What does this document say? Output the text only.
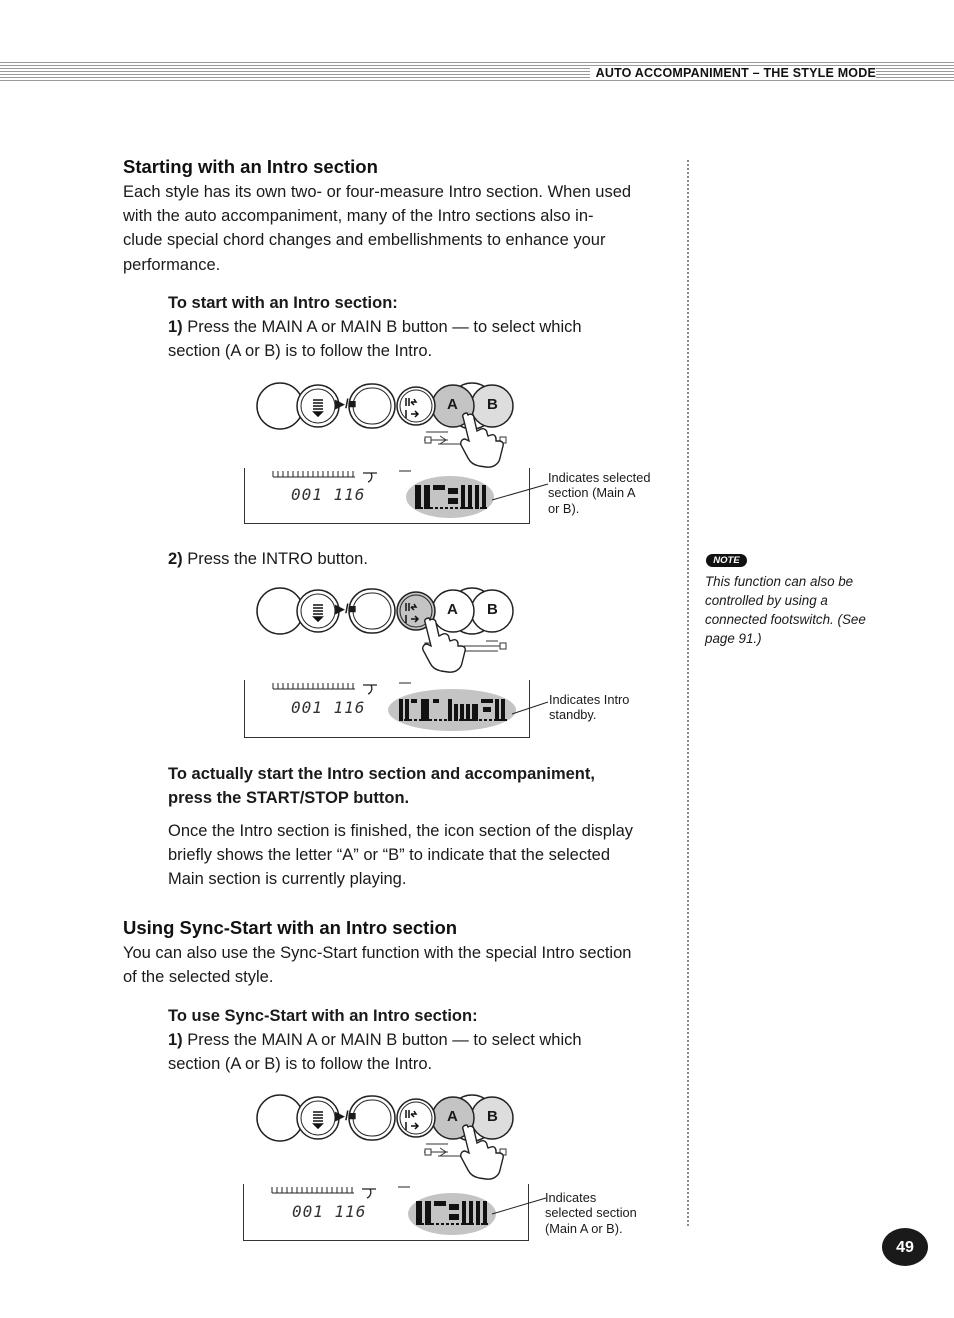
AUTO ACCOMPANIMENT – THE STYLE MODE
Starting with an Intro section
Each style has its own two- or four-measure Intro section. When used
with the auto accompaniment, many of the Intro sections also in-
clude special chord changes and embellishments to enhance your
performance.
To start with an Intro section:
1) Press the MAIN A or MAIN B button — to select which
section (A or B) is to follow the Intro.
▶/■	A B
001 116
Indicates selected
section (Main A
or B).
2) Press the INTRO button.
▶/■	A B
001 116	Indicates Intro
standby.
To actually start the Intro section and accompaniment,
press the START/STOP button.
Once the Intro section is finished, the icon section of the display
briefly shows the letter “A” or “B” to indicate that the selected
Main section is currently playing.
Using Sync-Start with an Intro section
You can also use the Sync-Start function with the special Intro section
of the selected style.
To use Sync-Start with an Intro section:
1) Press the MAIN A or MAIN B button — to select which
section (A or B) is to follow the Intro.
▶/■	A B
001 116
Indicates
selected section
(Main A or B).
NOTE
This function can also be
controlled by using a
connected footswitch. (See
page 91.)
49
